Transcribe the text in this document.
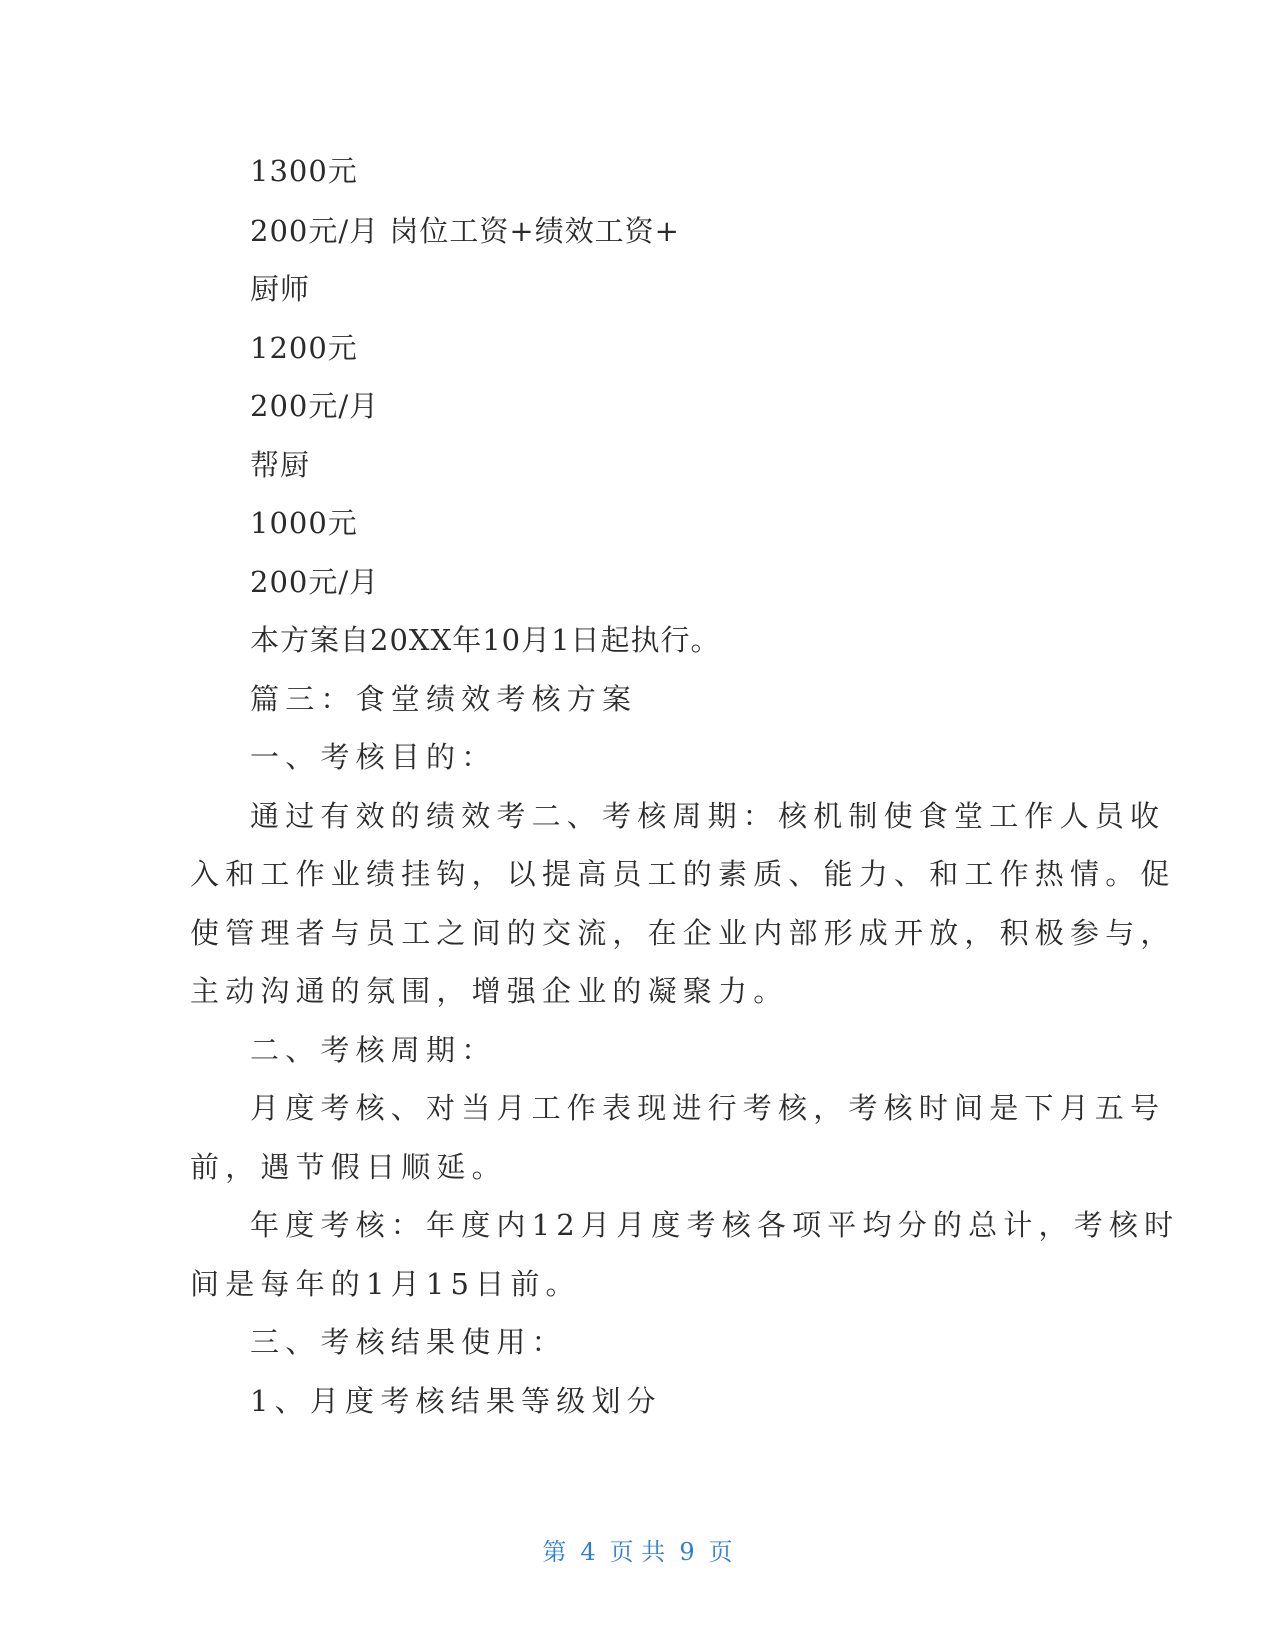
1300元
200元/月 岗位工资+绩效工资+
厨师
1200元
200元/月
帮厨
1000元
200元/月
本方案自20XX年10月1日起执行。
篇三：食堂绩效考核方案
一、考核目的：
通过有效的绩效考二、考核周期：核机制使食堂工作人员收
入和工作业绩挂钩，以提高员工的素质、能力、和工作热情。促
使管理者与员工之间的交流，在企业内部形成开放，积极参与，
主动沟通的氛围，增强企业的凝聚力。
二、考核周期：
月度考核、对当月工作表现进行考核，考核时间是下月五号
前，遇节假日顺延。
年度考核：年度内12月月度考核各项平均分的总计，考核时
间是每年的1月15日前。
三、考核结果使用：
1、月度考核结果等级划分
第 4 页 共 9 页
